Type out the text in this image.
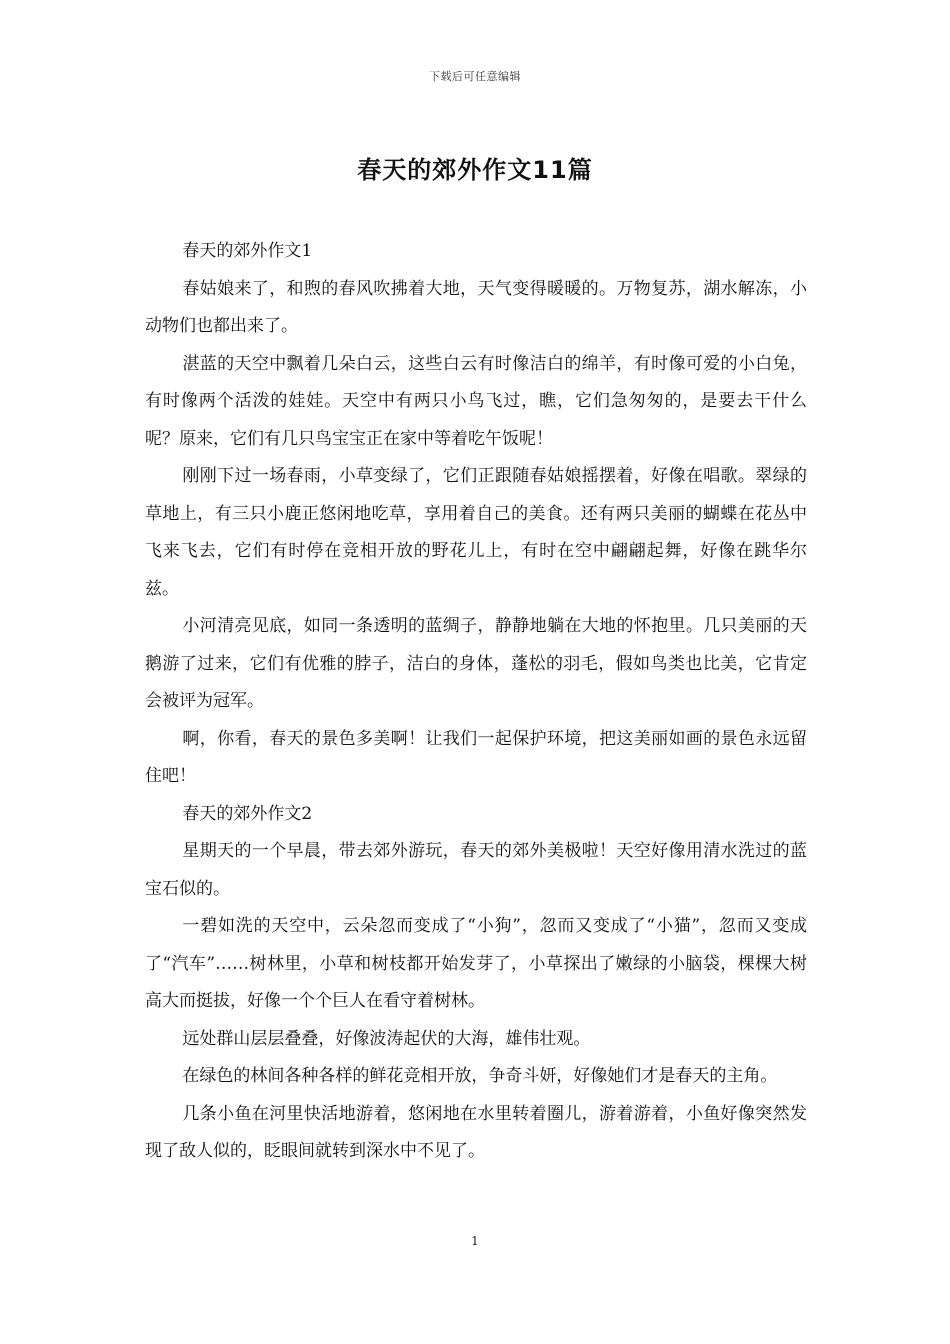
下载后可任意编辑
春天的郊外作文11篇

春天的郊外作文1

春姑娘来了，和煦的春风吹拂着大地，天气变得暖暖的。万物复苏，湖水解冻，小动物们也都出来了。

湛蓝的天空中飘着几朵白云，这些白云有时像洁白的绵羊，有时像可爱的小白兔，有时像两个活泼的娃娃。天空中有两只小鸟飞过，瞧，它们急匆匆的，是要去干什么呢？原来，它们有几只鸟宝宝正在家中等着吃午饭呢！

刚刚下过一场春雨，小草变绿了，它们正跟随春姑娘摇摆着，好像在唱歌。翠绿的草地上，有三只小鹿正悠闲地吃草，享用着自己的美食。还有两只美丽的蝴蝶在花丛中飞来飞去，它们有时停在竞相开放的野花儿上，有时在空中翩翩起舞，好像在跳华尔兹。

小河清亮见底，如同一条透明的蓝绸子，静静地躺在大地的怀抱里。几只美丽的天鹅游了过来，它们有优雅的脖子，洁白的身体，蓬松的羽毛，假如鸟类也比美，它肯定会被评为冠军。

啊，你看，春天的景色多美啊！让我们一起保护环境，把这美丽如画的景色永远留住吧！

春天的郊外作文2

星期天的一个早晨，带去郊外游玩，春天的郊外美极啦！天空好像用清水洗过的蓝宝石似的。

一碧如洗的天空中，云朵忽而变成了“小狗”，忽而又变成了“小猫”，忽而又变成了“汽车”……树林里，小草和树枝都开始发芽了，小草探出了嫩绿的小脑袋，棵棵大树高大而挺拔，好像一个个巨人在看守着树林。

远处群山层层叠叠，好像波涛起伏的大海，雄伟壮观。

在绿色的林间各种各样的鲜花竞相开放，争奇斗妍，好像她们才是春天的主角。

几条小鱼在河里快活地游着，悠闲地在水里转着圈儿，游着游着，小鱼好像突然发现了敌人似的，眨眼间就转到深水中不见了。

1
